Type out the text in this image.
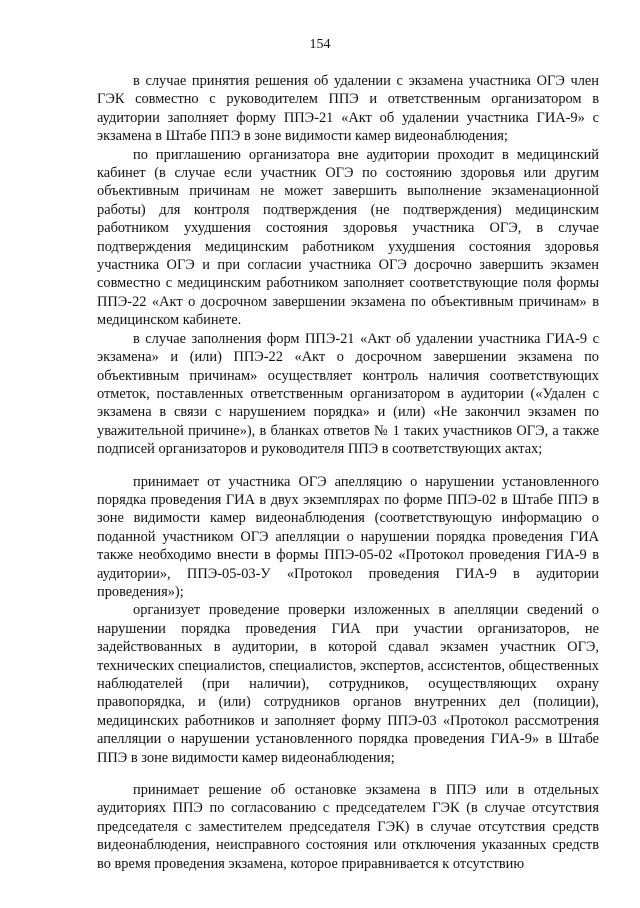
154

в случае принятия решения об удалении с экзамена участника ОГЭ член ГЭК совместно с руководителем ППЭ и ответственным организатором в аудитории заполняет форму ППЭ-21 «Акт об удалении участника ГИА-9» с экзамена в Штабе ППЭ в зоне видимости камер видеонаблюдения;

по приглашению организатора вне аудитории проходит в медицинский кабинет (в случае если участник ОГЭ по состоянию здоровья или другим объективным причинам не может завершить выполнение экзаменационной работы) для контроля подтверждения (не подтверждения) медицинским работником ухудшения состояния здоровья участника ОГЭ, в случае подтверждения медицинским работником ухудшения состояния здоровья участника ОГЭ и при согласии участника ОГЭ досрочно завершить экзамен совместно с медицинским работником заполняет соответствующие поля формы ППЭ-22 «Акт о досрочном завершении экзамена по объективным причинам» в медицинском кабинете.

в случае заполнения форм ППЭ-21 «Акт об удалении участника ГИА-9 с экзамена» и (или) ППЭ-22 «Акт о досрочном завершении экзамена по объективным причинам» осуществляет контроль наличия соответствующих отметок, поставленных ответственным организатором в аудитории («Удален с экзамена в связи с нарушением порядка» и (или) «Не закончил экзамен по уважительной причине»), в бланках ответов № 1 таких участников ОГЭ, а также подписей организаторов и руководителя ППЭ в соответствующих актах;

принимает от участника ОГЭ апелляцию о нарушении установленного порядка проведения ГИА в двух экземплярах по форме ППЭ-02 в Штабе ППЭ в зоне видимости камер видеонаблюдения (соответствующую информацию о поданной участником ОГЭ апелляции о нарушении порядка проведения ГИА также необходимо внести в формы ППЭ-05-02 «Протокол проведения ГИА-9 в аудитории», ППЭ-05-03-У «Протокол проведения ГИА-9 в аудитории проведения»);

организует проведение проверки изложенных в апелляции сведений о нарушении порядка проведения ГИА при участии организаторов, не задействованных в аудитории, в которой сдавал экзамен участник ОГЭ, технических специалистов, специалистов, экспертов, ассистентов, общественных наблюдателей (при наличии), сотрудников, осуществляющих охрану правопорядка, и (или) сотрудников органов внутренних дел (полиции), медицинских работников и заполняет форму ППЭ-03 «Протокол рассмотрения апелляции о нарушении установленного порядка проведения ГИА-9» в Штабе ППЭ в зоне видимости камер видеонаблюдения;

принимает решение об остановке экзамена в ППЭ или в отдельных аудиториях ППЭ по согласованию с председателем ГЭК (в случае отсутствия председателя с заместителем председателя ГЭК) в случае отсутствия средств видеонаблюдения, неисправного состояния или отключения указанных средств во время проведения экзамена, которое приравнивается к отсутствию
